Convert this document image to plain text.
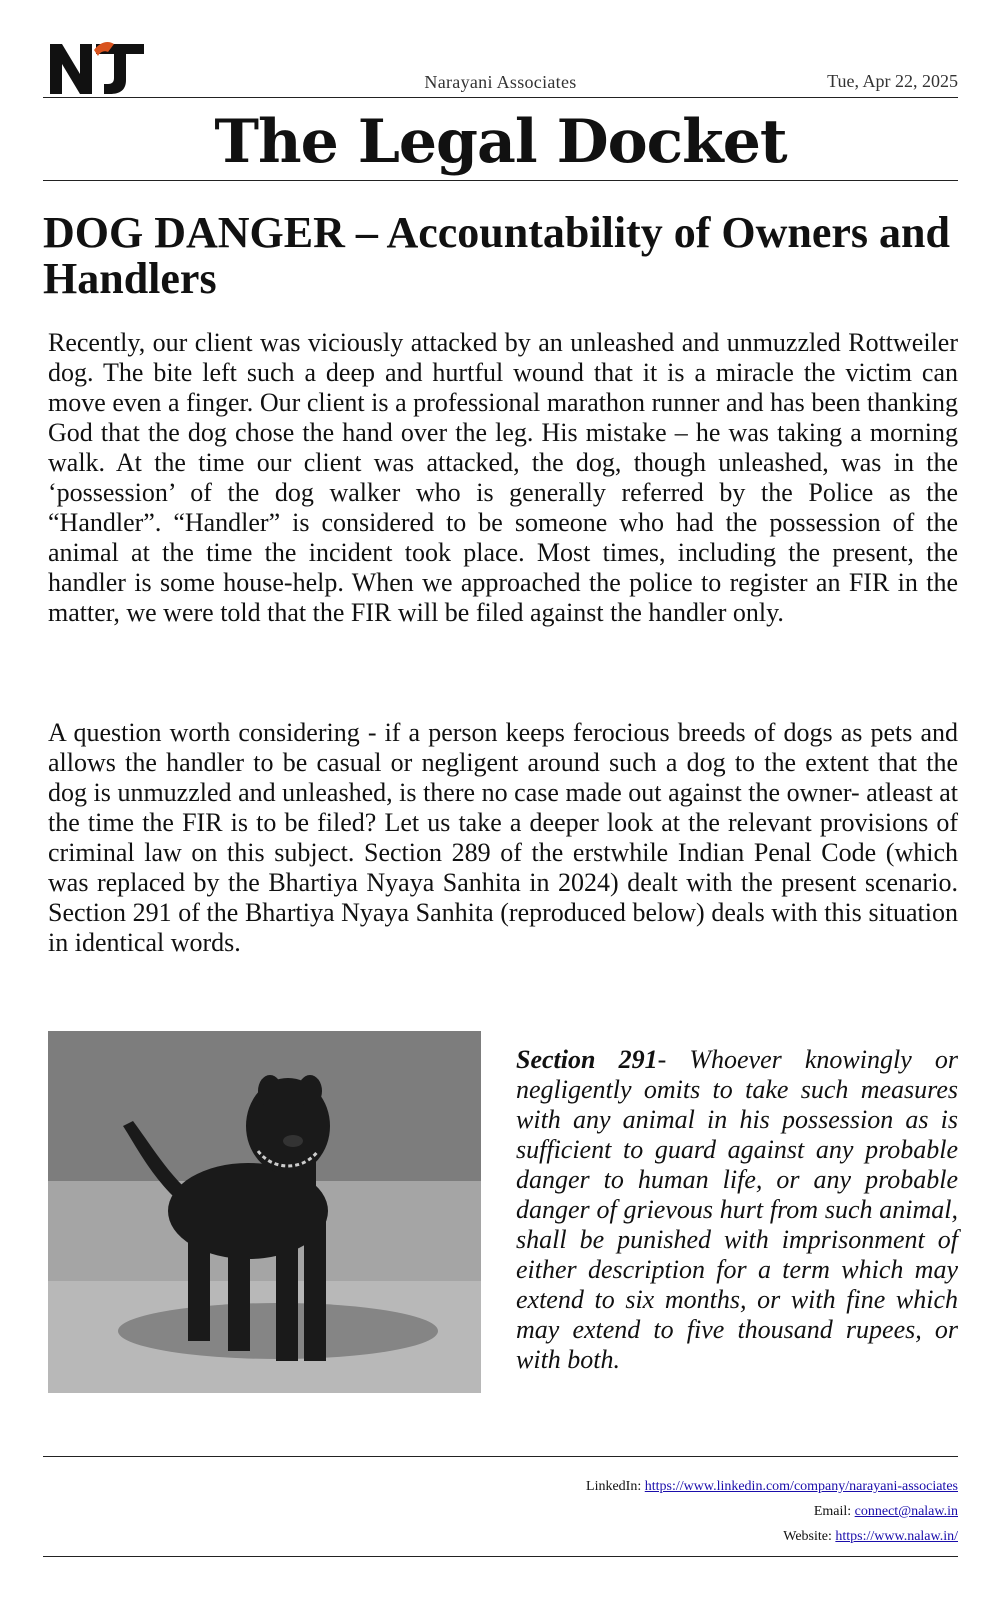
Narayani Associates	Tue, Apr 22, 2025
The Legal Docket
DOG DANGER – Accountability of Owners and Handlers
Recently, our client was viciously attacked by an unleashed and unmuzzled Rottweiler dog. The bite left such a deep and hurtful wound that it is a miracle the victim can move even a finger. Our client is a professional marathon runner and has been thanking God that the dog chose the hand over the leg. His mistake – he was taking a morning walk. At the time our client was attacked, the dog, though unleashed, was in the ‘possession’ of the dog walker who is generally referred by the Police as the “Handler”. “Handler” is considered to be someone who had the possession of the animal at the time the incident took place. Most times, including the present, the handler is some house-help. When we approached the police to register an FIR in the matter, we were told that the FIR will be filed against the handler only.
A question worth considering - if a person keeps ferocious breeds of dogs as pets and allows the handler to be casual or negligent around such a dog to the extent that the dog is unmuzzled and unleashed, is there no case made out against the owner- atleast at the time the FIR is to be filed? Let us take a deeper look at the relevant provisions of criminal law on this subject. Section 289 of the erstwhile Indian Penal Code (which was replaced by the Bhartiya Nyaya Sanhita in 2024) dealt with the present scenario. Section 291 of the Bhartiya Nyaya Sanhita (reproduced below) deals with this situation in identical words.
Section 291- Whoever knowingly or negligently omits to take such measures with any animal in his possession as is sufficient to guard against any probable danger to human life, or any probable danger of grievous hurt from such animal, shall be punished with imprisonment of either description for a term which may extend to six months, or with fine which may extend to five thousand rupees, or with both.
LinkedIn: https://www.linkedin.com/company/narayani-associates
Email: connect@nalaw.in
Website: https://www.nalaw.in/
